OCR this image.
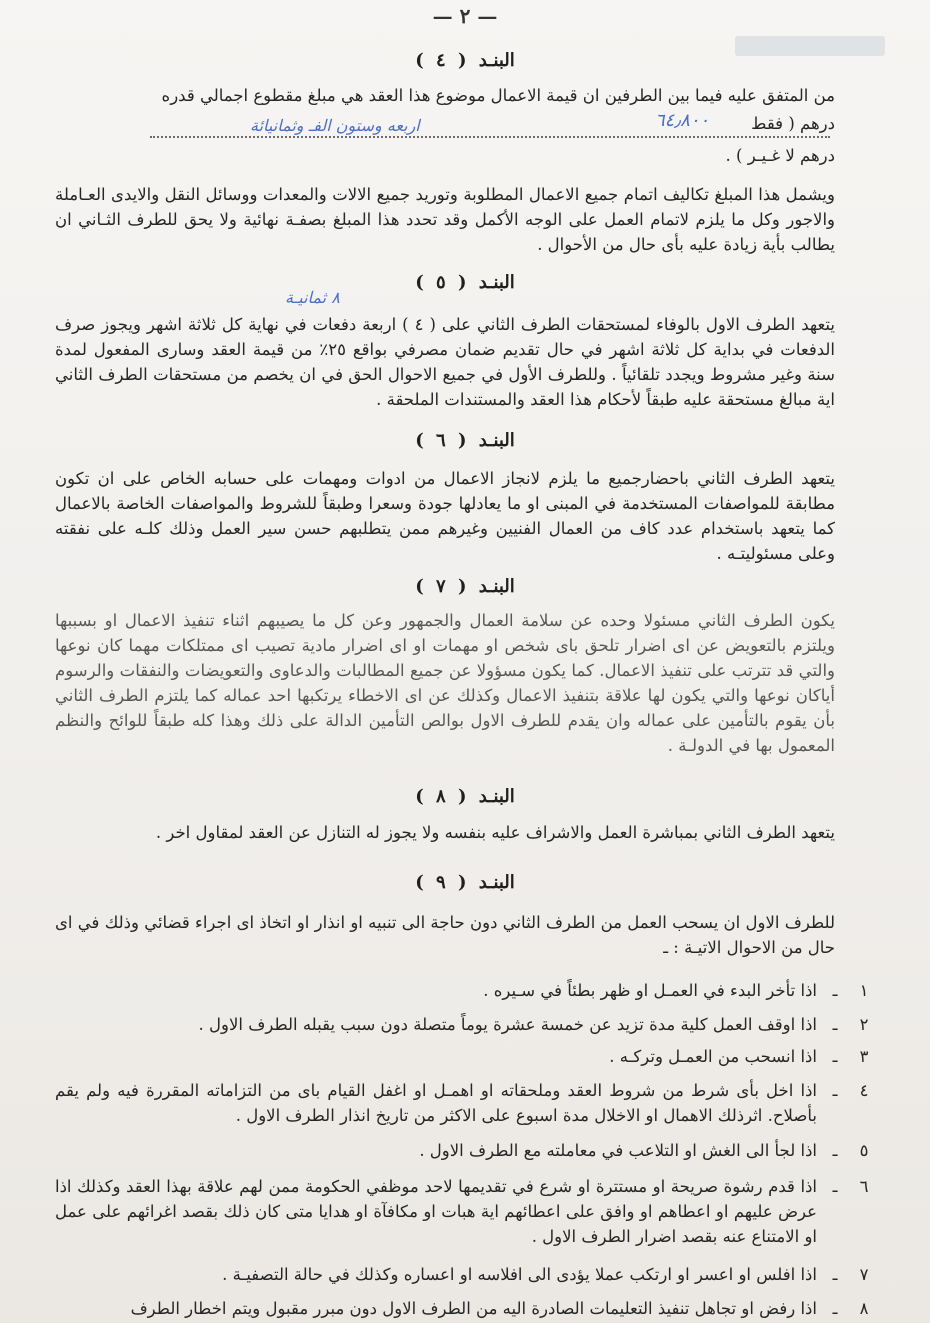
— ٢ —
البنـد ( ٤ )
من المتفق عليه فيما بين الطرفين ان قيمة الاعمال موضوع هذا العقد هي مبلغ مقطوع اجمالي قدره
درهم ( فقط
اربعه وستون الفـ وثمانيائة	٦٤٫٨٠٠
درهم لا غـيـر ) .
ويشمل هذا المبلغ تكاليف اتمام جميع الاعمال المطلوبة وتوريد جميع الالات والمعدات ووسائل النقل والايدى العـاملة والاجور وكل ما يلزم لاتمام العمل على الوجه الأكمل وقد تحدد هذا المبلغ بصفـة نهائية ولا يحق للطرف الثـاني ان يطالب بأية زيادة عليه بأى حال من الأحوال .
البنـد ( ٥ )
٨ ثمانيـة
يتعهد الطرف الاول بالوفاء لمستحقات الطرف الثاني على ( ٤ ) اربعة دفعات في نهاية كل ثلاثة اشهر ويجوز صرف الدفعات في بداية كل ثلاثة اشهر في حال تقديم ضمان مصرفي بواقع ٢٥٪ من قيمة العقد وسارى المفعول لمدة سنة وغير مشروط ويجدد تلقائياً . وللطرف الأول في جميع الاحوال الحق في ان يخصم من مستحقات الطرف الثاني اية مبالغ مستحقة عليه طبقاً لأحكام هذا العقد والمستندات الملحقة .
البنـد ( ٦ )
يتعهد الطرف الثاني باحضارجميع ما يلزم لانجاز الاعمال من ادوات ومهمات على حسابه الخاص على ان تكون مطابقة للمواصفات المستخدمة في المبنى او ما يعادلها جودة وسعرا وطبقاً للشروط والمواصفات الخاصة بالاعمال كما يتعهد باستخدام عدد كاف من العمال الفنيين وغيرهم ممن يتطلبهم حسن سير العمل وذلك كلـه على نفقته وعلى مسئوليتـه .
البنـد ( ٧ )
يكون الطرف الثاني مسئولا وحده عن سلامة العمال والجمهور وعن كل ما يصيبهم اثناء تنفيذ الاعمال او بسببها ويلتزم بالتعويض عن اى اضرار تلحق باى شخص او مهمات او اى اضرار مادية تصيب اى ممتلكات مهما كان نوعها والتي قد تترتب على تنفيذ الاعمال. كما يكون مسؤولا عن جميع المطالبات والدعاوى والتعويضات والنفقات والرسوم أياكان نوعها والتي يكون لها علاقة بتنفيذ الاعمال وكذلك عن اى الاخطاء يرتكبها احد عماله كما يلتزم الطرف الثاني بأن يقوم بالتأمين على عماله وان يقدم للطرف الاول بوالص التأمين الدالة على ذلك وهذا كله طبقاً للوائح والنظم المعمول بها في الدولـة .
البنـد ( ٨ )
يتعهد الطرف الثاني بمباشرة العمل والاشراف عليه بنفسه ولا يجوز له التنازل عن العقد لمقاول اخر .
البنـد ( ٩ )
للطرف الاول ان يسحب العمل من الطرف الثاني دون حاجة الى تنبيه او انذار او اتخاذ اى اجراء قضائي وذلك في اى حال من الاحوال الاتيـة : ـ
١
ـ
اذا تأخر البدء في العمـل او ظهر بطئاً في سـيره .
٢
ـ
اذا اوقف العمل كلية مدة تزيد عن خمسة عشرة يوماً متصلة دون سبب يقبله الطرف الاول .
٣
ـ
اذا انسحب من العمـل وتركـه .
٤
ـ
اذا اخل بأى شرط من شروط العقد وملحقاته او اهمـل او اغفل القيام باى من التزاماته المقررة فيه ولم يقم بأصلاح. اثرذلك الاهمال او الاخلال مدة اسبوع على الاكثر من تاريخ انذار الطرف الاول .
٥
ـ
اذا لجأ الى الغش او التلاعب في معاملته مع الطرف الاول .
٦
ـ
اذا قدم رشوة صريحة او مستترة او شرع في تقديمها لاحد موظفي الحكومة ممن لهم علاقة بهذا العقد وكذلك اذا عرض عليهم او اعطاهم او وافق على اعطائهم اية هبات او مكافآة او هدايا متى كان ذلك بقصد اغرائهم على عمل او الامتناع عنه بقصد اضرار الطرف الاول .
٧
ـ
اذا افلس او اعسر او ارتكب عملا يؤدى الى افلاسه او اعساره وكذلك في حالة التصفيـة .
٨
ـ
اذا رفض او تجاهل تنفيذ التعليمات الصادرة اليه من الطرف الاول دون مبرر مقبول ويتم اخطار الطرف
